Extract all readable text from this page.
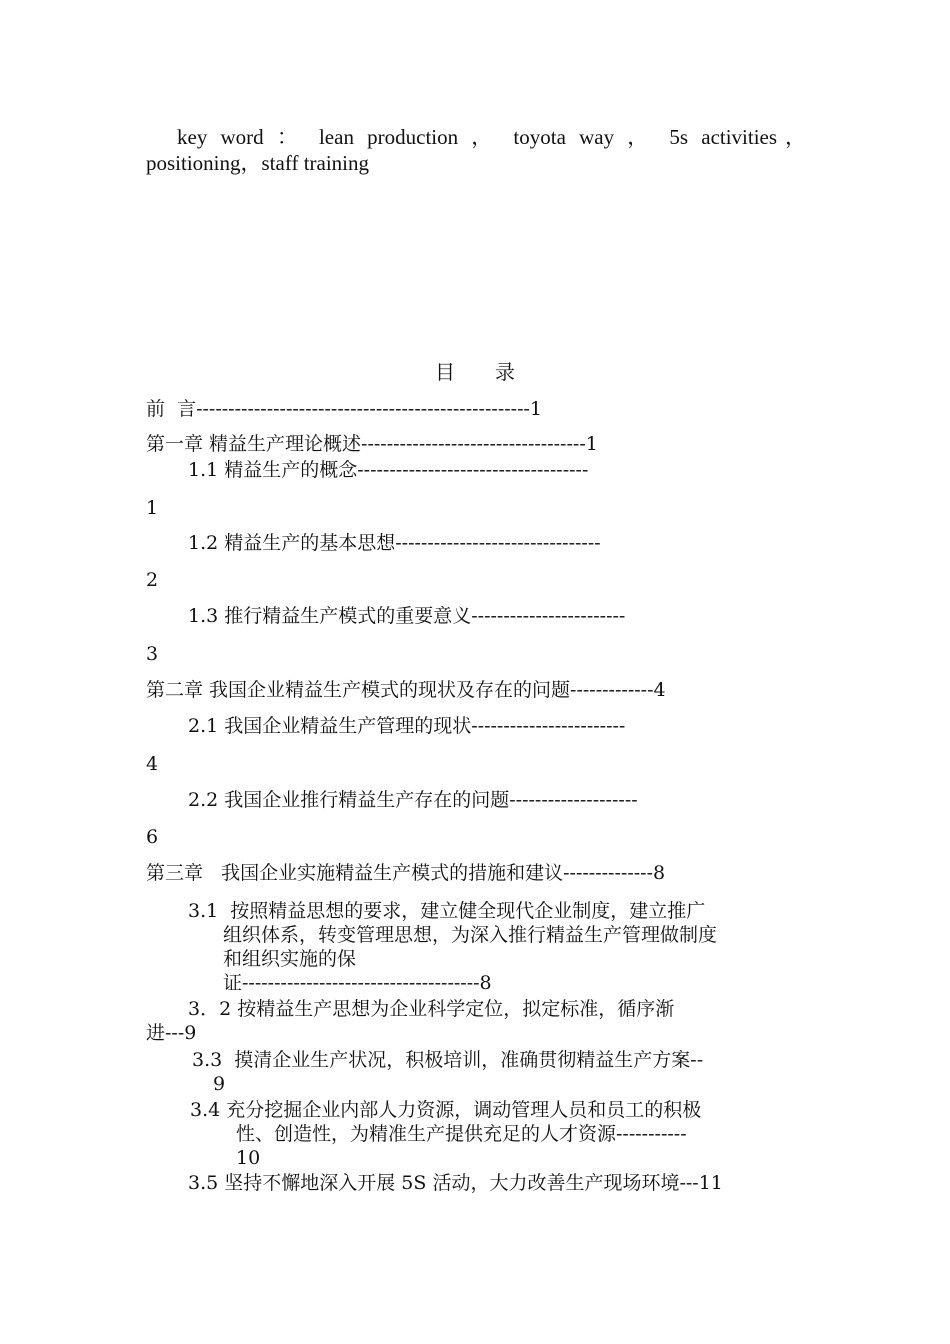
key word ： lean production ， toyota way ， 5s activities，positioning，staff training

目 录
前  言----------------------------------------------------1
第一章 精益生产理论概述-----------------------------------1
1.1 精益生产的概念------------------------------------
1
1.2 精益生产的基本思想--------------------------------
2
1.3 推行精益生产模式的重要意义------------------------
3
第二章 我国企业精益生产模式的现状及存在的问题-------------4
2.1 我国企业精益生产管理的现状------------------------
4
2.2 我国企业推行精益生产存在的问题--------------------
6
第三章   我国企业实施精益生产模式的措施和建议--------------8
3.1  按照精益思想的要求，建立健全现代企业制度，建立推广
组织体系，转变管理思想，为深入推行精益生产管理做制度
和组织实施的保
证-------------------------------------8
3．2 按精益生产思想为企业科学定位，拟定标准，循序渐
进---9
3.3  摸清企业生产状况，积极培训，准确贯彻精益生产方案--
9
3.4 充分挖掘企业内部人力资源，调动管理人员和员工的积极
性、创造性，为精准生产提供充足的人才资源-----------
10
3.5 坚持不懈地深入开展 5S 活动，大力改善生产现场环境---11
